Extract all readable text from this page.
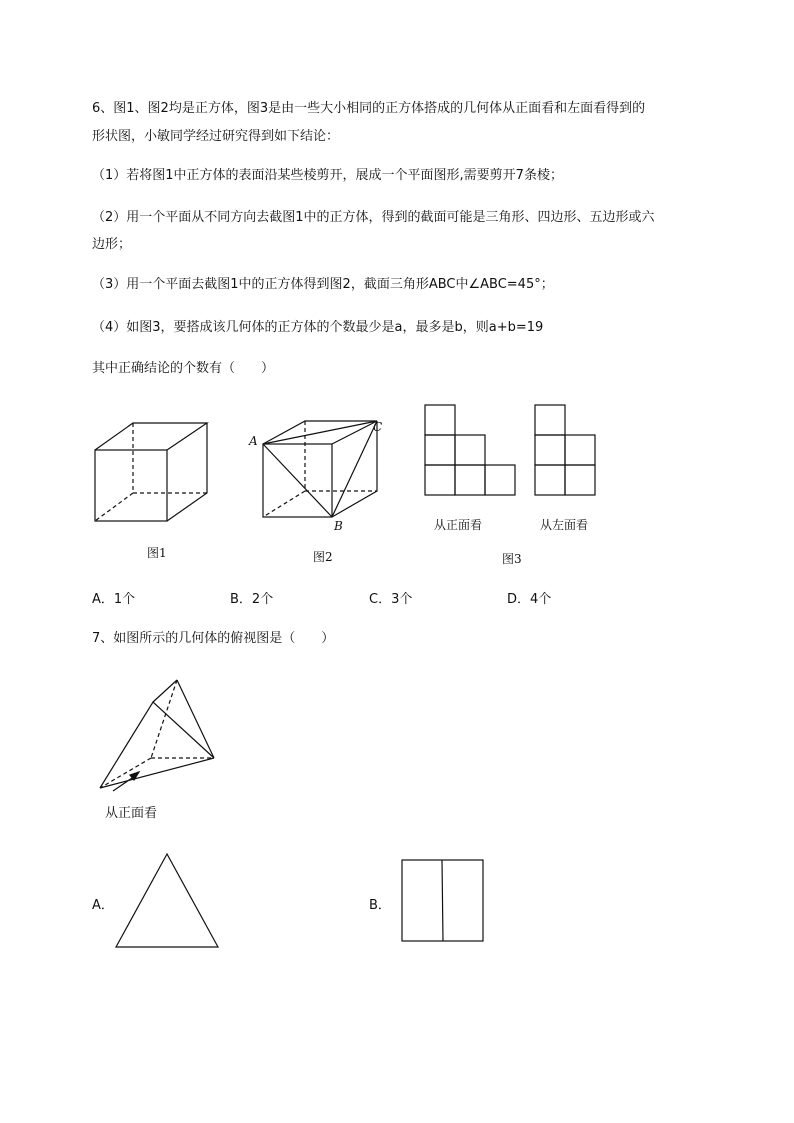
6、图1、图2均是正方体，图3是由一些大小相同的正方体搭成的几何体从正面看和左面看得到的
形状图，小敏同学经过研究得到如下结论：
（1）若将图1中正方体的表面沿某些棱剪开，展成一个平面图形,需要剪开7条棱；
（2）用一个平面从不同方向去截图1中的正方体，得到的截面可能是三角形、四边形、五边形或六
边形；
（3）用一个平面去截图1中的正方体得到图2，截面三角形ABC中∠ABC=45°；
（4）如图3，要搭成该几何体的正方体的个数最少是a，最多是b，则a+b=19
其中正确结论的个数有（　　）
图1
A
C
B
图2
从正面看	从左面看
图3
A．1个	B．2个	C．3个	D．4个
7、如图所示的几何体的俯视图是（　　）
从正面看
A．	B．
